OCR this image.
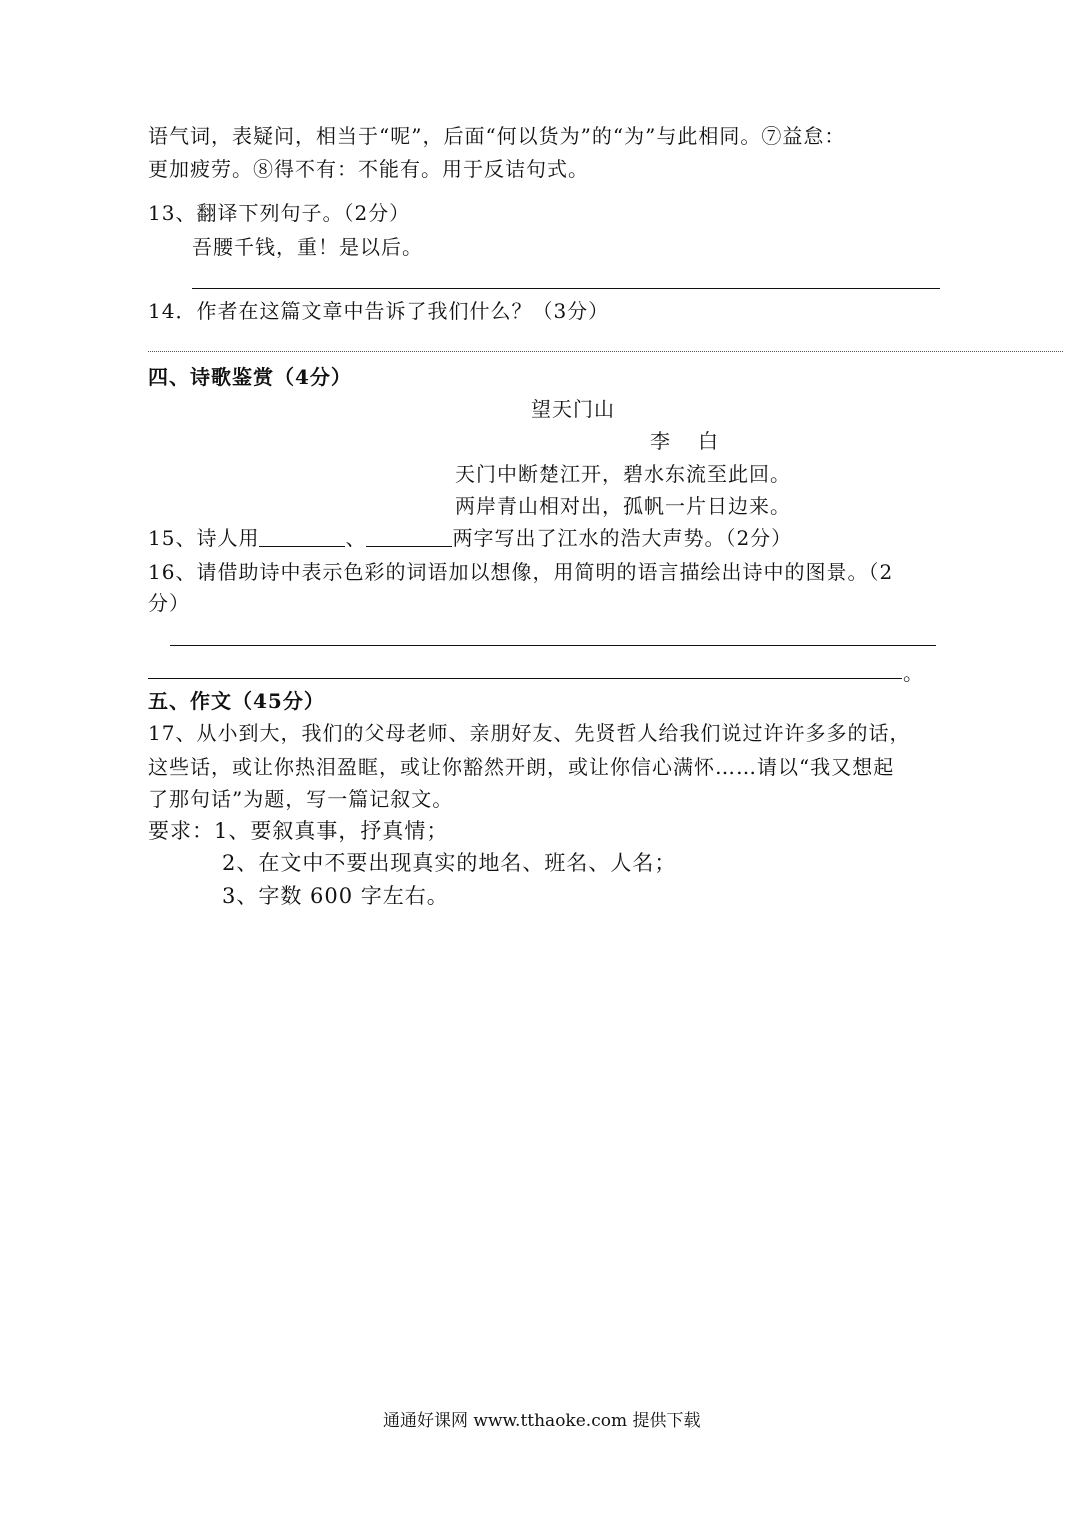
语气词，表疑问，相当于“呢”，后面“何以货为”的“为”与此相同。⑦益怠：
更加疲劳。⑧得不有：不能有。用于反诘句式。
13、翻译下列句子。（2分）
吾腰千钱，重！是以后。
14．作者在这篇文章中告诉了我们什么？（3分）
四、诗歌鉴赏（4分）
望天门山
李　白
天门中断楚江开，碧水东流至此回。
两岸青山相对出，孤帆一片日边来。
15、诗人用	、	两字写出了江水的浩大声势。（2分）
16、请借助诗中表示色彩的词语加以想像，用简明的语言描绘出诗中的图景。（2
分）
。
五、作文（45分）
17、从小到大，我们的父母老师、亲朋好友、先贤哲人给我们说过许许多多的话，
这些话，或让你热泪盈眶，或让你豁然开朗，或让你信心满怀……请以“我又想起
了那句话”为题，写一篇记叙文。
要求：1、要叙真事，抒真情；
2、在文中不要出现真实的地名、班名、人名；
3、字数 600 字左右。
通通好课网 www.tthaoke.com 提供下载
